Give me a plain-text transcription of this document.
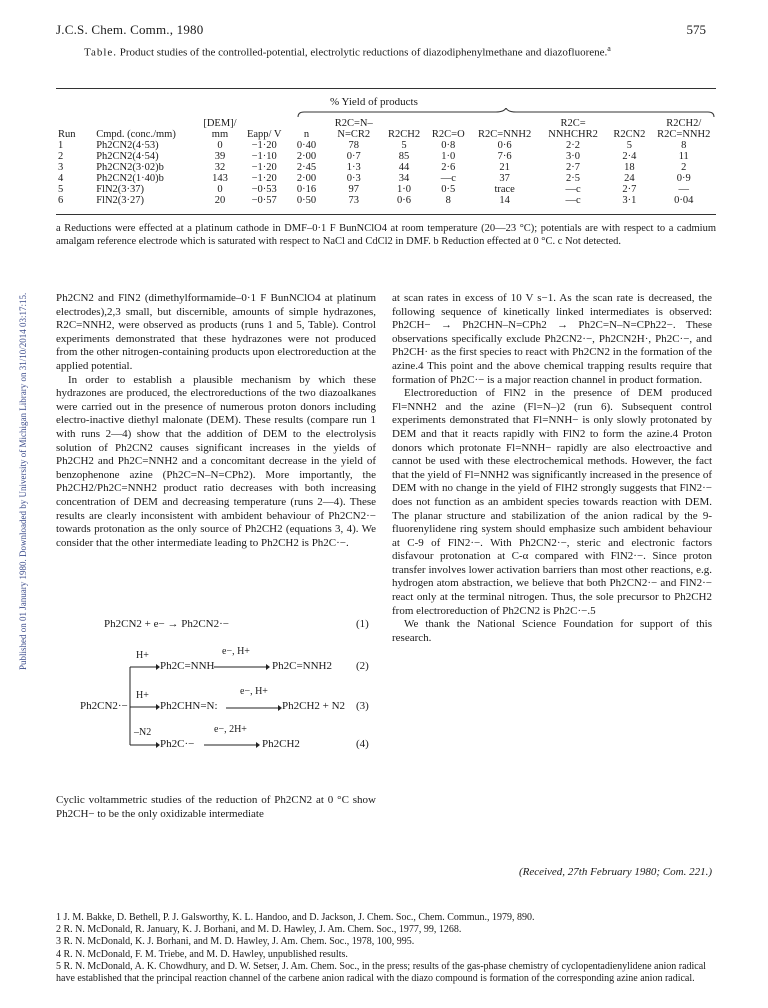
J.C.S. Chem. Comm., 1980	575
Table. Product studies of the controlled-potential, electrolytic reductions of diazodiphenylmethane and diazofluorene.$^a$
% Yield of products
Run	Cmpd. (conc./mm)	[DEM]/ mm	Eapp/ V	n	R2C=N– N=CR2	R2CH2	R2C=O	R2C=NNH2	R2C= NNHCHR2	R2CN2	R2CH2/ R2C=NNH2
1	Ph2CN2(4·53)	0	−1·20	0·40	78	5	0·8	0·6	2·2	5	8
2	Ph2CN2(4·54)	39	−1·10	2·00	0·7	85	1·0	7·6	3·0	2·4	11
3	Ph2CN2(3·02)b	32	−1·20	2·45	1·3	44	2·6	21	2·7	18	2
4	Ph2CN2(1·40)b	143	−1·20	2·00	0·3	34	—c	37	2·5	24	0·9
5	FlN2(3·37)	0	−0·53	0·16	97	1·0	0·5	trace	—c	2·7	—
6	FlN2(3·27)	20	−0·57	0·50	73	0·6	8	14	—c	3·1	0·04
a Reductions were effected at a platinum cathode in DMF–0·1 F BunNClO4 at room temperature (20—23 °C); potentials are with respect to a cadmium amalgam reference electrode which is saturated with respect to NaCl and CdCl2 in DMF. b Reduction effected at 0 °C. c Not detected.
Published on 01 January 1980. Downloaded by University of Michigan Library on 31/10/2014 03:17:15.	Ph2CN2 and FlN2 (dimethylformamide–0·1 F BunNClO4 at platinum electrodes),2,3 small, but discernible, amounts of simple hydrazones, R2C=NNH2, were observed as products (runs 1 and 5, Table). Control experiments demonstrated that these hydrazones were not produced from the other nitrogen-containing products upon electroreduction at the applied potential.

In order to establish a plausible mechanism by which these hydrazones are produced, the electroreductions of the two diazoalkanes were carried out in the presence of numerous proton donors including electro-inactive diethyl malonate (DEM). These results (compare run 1 with runs 2—4) show that the addition of DEM to the electrolysis solution of Ph2CN2 causes significant increases in the yields of Ph2CH2 and Ph2C=NNH2 and a concomitant decrease in the yield of benzophenone azine (Ph2C=N–N=CPh2). More importantly, the Ph2CH2/Ph2C=NNH2 product ratio decreases with both increasing concentration of DEM and decreasing temperature (runs 2—4). These results are clearly inconsistent with ambident behaviour of Ph2CN2·− towards protonation as the only source of Ph2CH2 (equations 3, 4). We consider that the other intermediate leading to Ph2CH2 is Ph2C·−.

Ph2CN2 + e− → Ph2CN2·−	(1)
H+	e−, H+
Ph2C=NNH	Ph2C=NNH2 (2)
Ph2CN2·−
H+	e−, H+
Ph2CHN=N:	Ph2CH2 + N2 (3)
–N2	e−, 2H+
Ph2C·−	Ph2CH2	(4)

Cyclic voltammetric studies of the reduction of Ph2CN2 at 0 °C show Ph2CH− to be the only oxidizable intermediate

at scan rates in excess of 10 V s−1. As the scan rate is decreased, the following sequence of kinetically linked intermediates is observed: Ph2CH− → Ph2CHN–N=CPh2 → Ph2C=N–N=CPh22−. These observations specifically exclude Ph2CN2·−, Ph2CN2H·, Ph2C·−, and Ph2CH· as the first species to react with Ph2CN2 in the formation of the azine.4 This point and the above chemical trapping results require that formation of Ph2C·− is a major reaction channel in product formation.

Electroreduction of FlN2 in the presence of DEM produced Fl=NNH2 and the azine (Fl=N–)2 (run 6). Subsequent control experiments demonstrated that Fl=NNH− is only slowly protonated by DEM and that it reacts rapidly with FlN2 to form the azine.4 Proton donors which protonate Fl=NNH− rapidly are also electroactive and cannot be used with these electrochemical methods. However, the fact that the yield of Fl=NNH2 was significantly increased in the presence of DEM with no change in the yield of FlH2 strongly suggests that FlN2·− does not function as an ambident species towards reaction with DEM. The planar structure and stabilization of the anion radical by the 9-fluorenylidene ring system should emphasize such ambident behaviour at C-9 of FlN2·−. With Ph2CN2·−, steric and electronic factors disfavour protonation at C-α compared with FlN2·−. Since proton transfer involves lower activation barriers than most other reactions, e.g. hydrogen atom abstraction, we believe that both Ph2CN2·− and FlN2·− react only at the terminal nitrogen. Thus, the sole precursor to Ph2CH2 from electroreduction of Ph2CN2 is Ph2C·−.5

We thank the National Science Foundation for support of this research.

(Received, 27th February 1980; Com. 221.)

1 J. M. Bakke, D. Bethell, P. J. Galsworthy, K. L. Handoo, and D. Jackson, J. Chem. Soc., Chem. Commun., 1979, 890.

2 R. N. McDonald, R. January, K. J. Borhani, and M. D. Hawley, J. Am. Chem. Soc., 1977, 99, 1268.

3 R. N. McDonald, K. J. Borhani, and M. D. Hawley, J. Am. Chem. Soc., 1978, 100, 995.

4 R. N. McDonald, F. M. Triebe, and M. D. Hawley, unpublished results.

5 R. N. McDonald, A. K. Chowdhury, and D. W. Setser, J. Am. Chem. Soc., in the press; results of the gas-phase chemistry of cyclopentadienylidene anion radical have established that the principal reaction channel of the carbene anion radical with the diazo compound is formation of the corresponding azine anion radical.
